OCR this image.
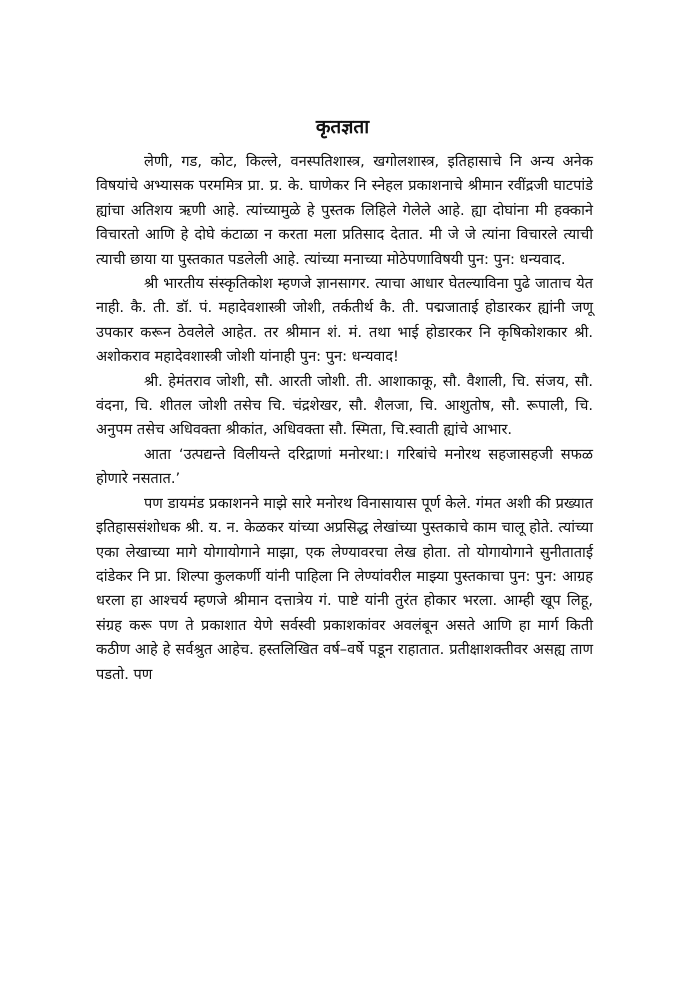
कृतज्ञता

लेणी, गड, कोट, किल्ले, वनस्पतिशास्त्र, खगोलशास्त्र, इतिहासाचे नि अन्य अनेक विषयांचे अभ्यासक परममित्र प्रा. प्र. के. घाणेकर नि स्नेहल प्रकाशनाचे श्रीमान रवींद्रजी घाटपांडे ह्यांचा अतिशय ऋणी आहे. त्यांच्यामुळे हे पुस्तक लिहिले गेलेले आहे. ह्या दोघांना मी हक्काने विचारतो आणि हे दोघे कंटाळा न करता मला प्रतिसाद देतात. मी जे जे त्यांना विचारले त्याची त्याची छाया या पुस्तकात पडलेली आहे. त्यांच्या मनाच्या मोठेपणाविषयी पुन: पुन: धन्यवाद.

श्री भारतीय संस्कृतिकोश म्हणजे ज्ञानसागर. त्याचा आधार घेतल्याविना पुढे जाताच येत नाही. कै. ती. डॉ. पं. महादेवशास्त्री जोशी, तर्कतीर्थ कै. ती. पद्मजाताई होडारकर ह्यांनी जणू उपकार करून ठेवलेले आहेत. तर श्रीमान शं. मं. तथा भाई होडारकर नि कृषिकोशकार श्री. अशोकराव महादेवशास्त्री जोशी यांनाही पुन: पुन: धन्यवाद!

श्री. हेमंतराव जोशी, सौ. आरती जोशी. ती. आशाकाकू, सौ. वैशाली, चि. संजय, सौ. वंदना, चि. शीतल जोशी तसेच चि. चंद्रशेखर, सौ. शैलजा, चि. आशुतोष, सौ. रूपाली, चि. अनुपम तसेच अधिवक्ता श्रीकांत, अधिवक्ता सौ. स्मिता, चि.स्वाती ह्यांचे आभार.

आता ‘उत्पद्यन्ते विलीयन्ते दरिद्राणां मनोरथा:। गरिबांचे मनोरथ सहजासहजी सफळ होणारे नसतात.’

पण डायमंड प्रकाशनने माझे सारे मनोरथ विनासायास पूर्ण केले. गंमत अशी की प्रख्यात इतिहाससंशोधक श्री. य. न. केळकर यांच्या अप्रसिद्ध लेखांच्या पुस्तकाचे काम चालू होते. त्यांच्या एका लेखाच्या मागे योगायोगाने माझा, एक लेण्यावरचा लेख होता. तो योगायोगाने सुनीताताई दांडेकर नि प्रा. शिल्पा कुलकर्णी यांनी पाहिला नि लेण्यांवरील माझ्या पुस्तकाचा पुन: पुन: आग्रह धरला हा आश्चर्य म्हणजे श्रीमान दत्तात्रेय गं. पाष्टे यांनी तुरंत होकार भरला. आम्ही खूप लिहू, संग्रह करू पण ते प्रकाशात येणे सर्वस्वी प्रकाशकांवर अवलंबून असते आणि हा मार्ग किती कठीण आहे हे सर्वश्रुत आहेच. हस्तलिखित वर्ष–वर्षे पडून राहातात. प्रतीक्षाशक्तीवर असह्य ताण पडतो. पण
